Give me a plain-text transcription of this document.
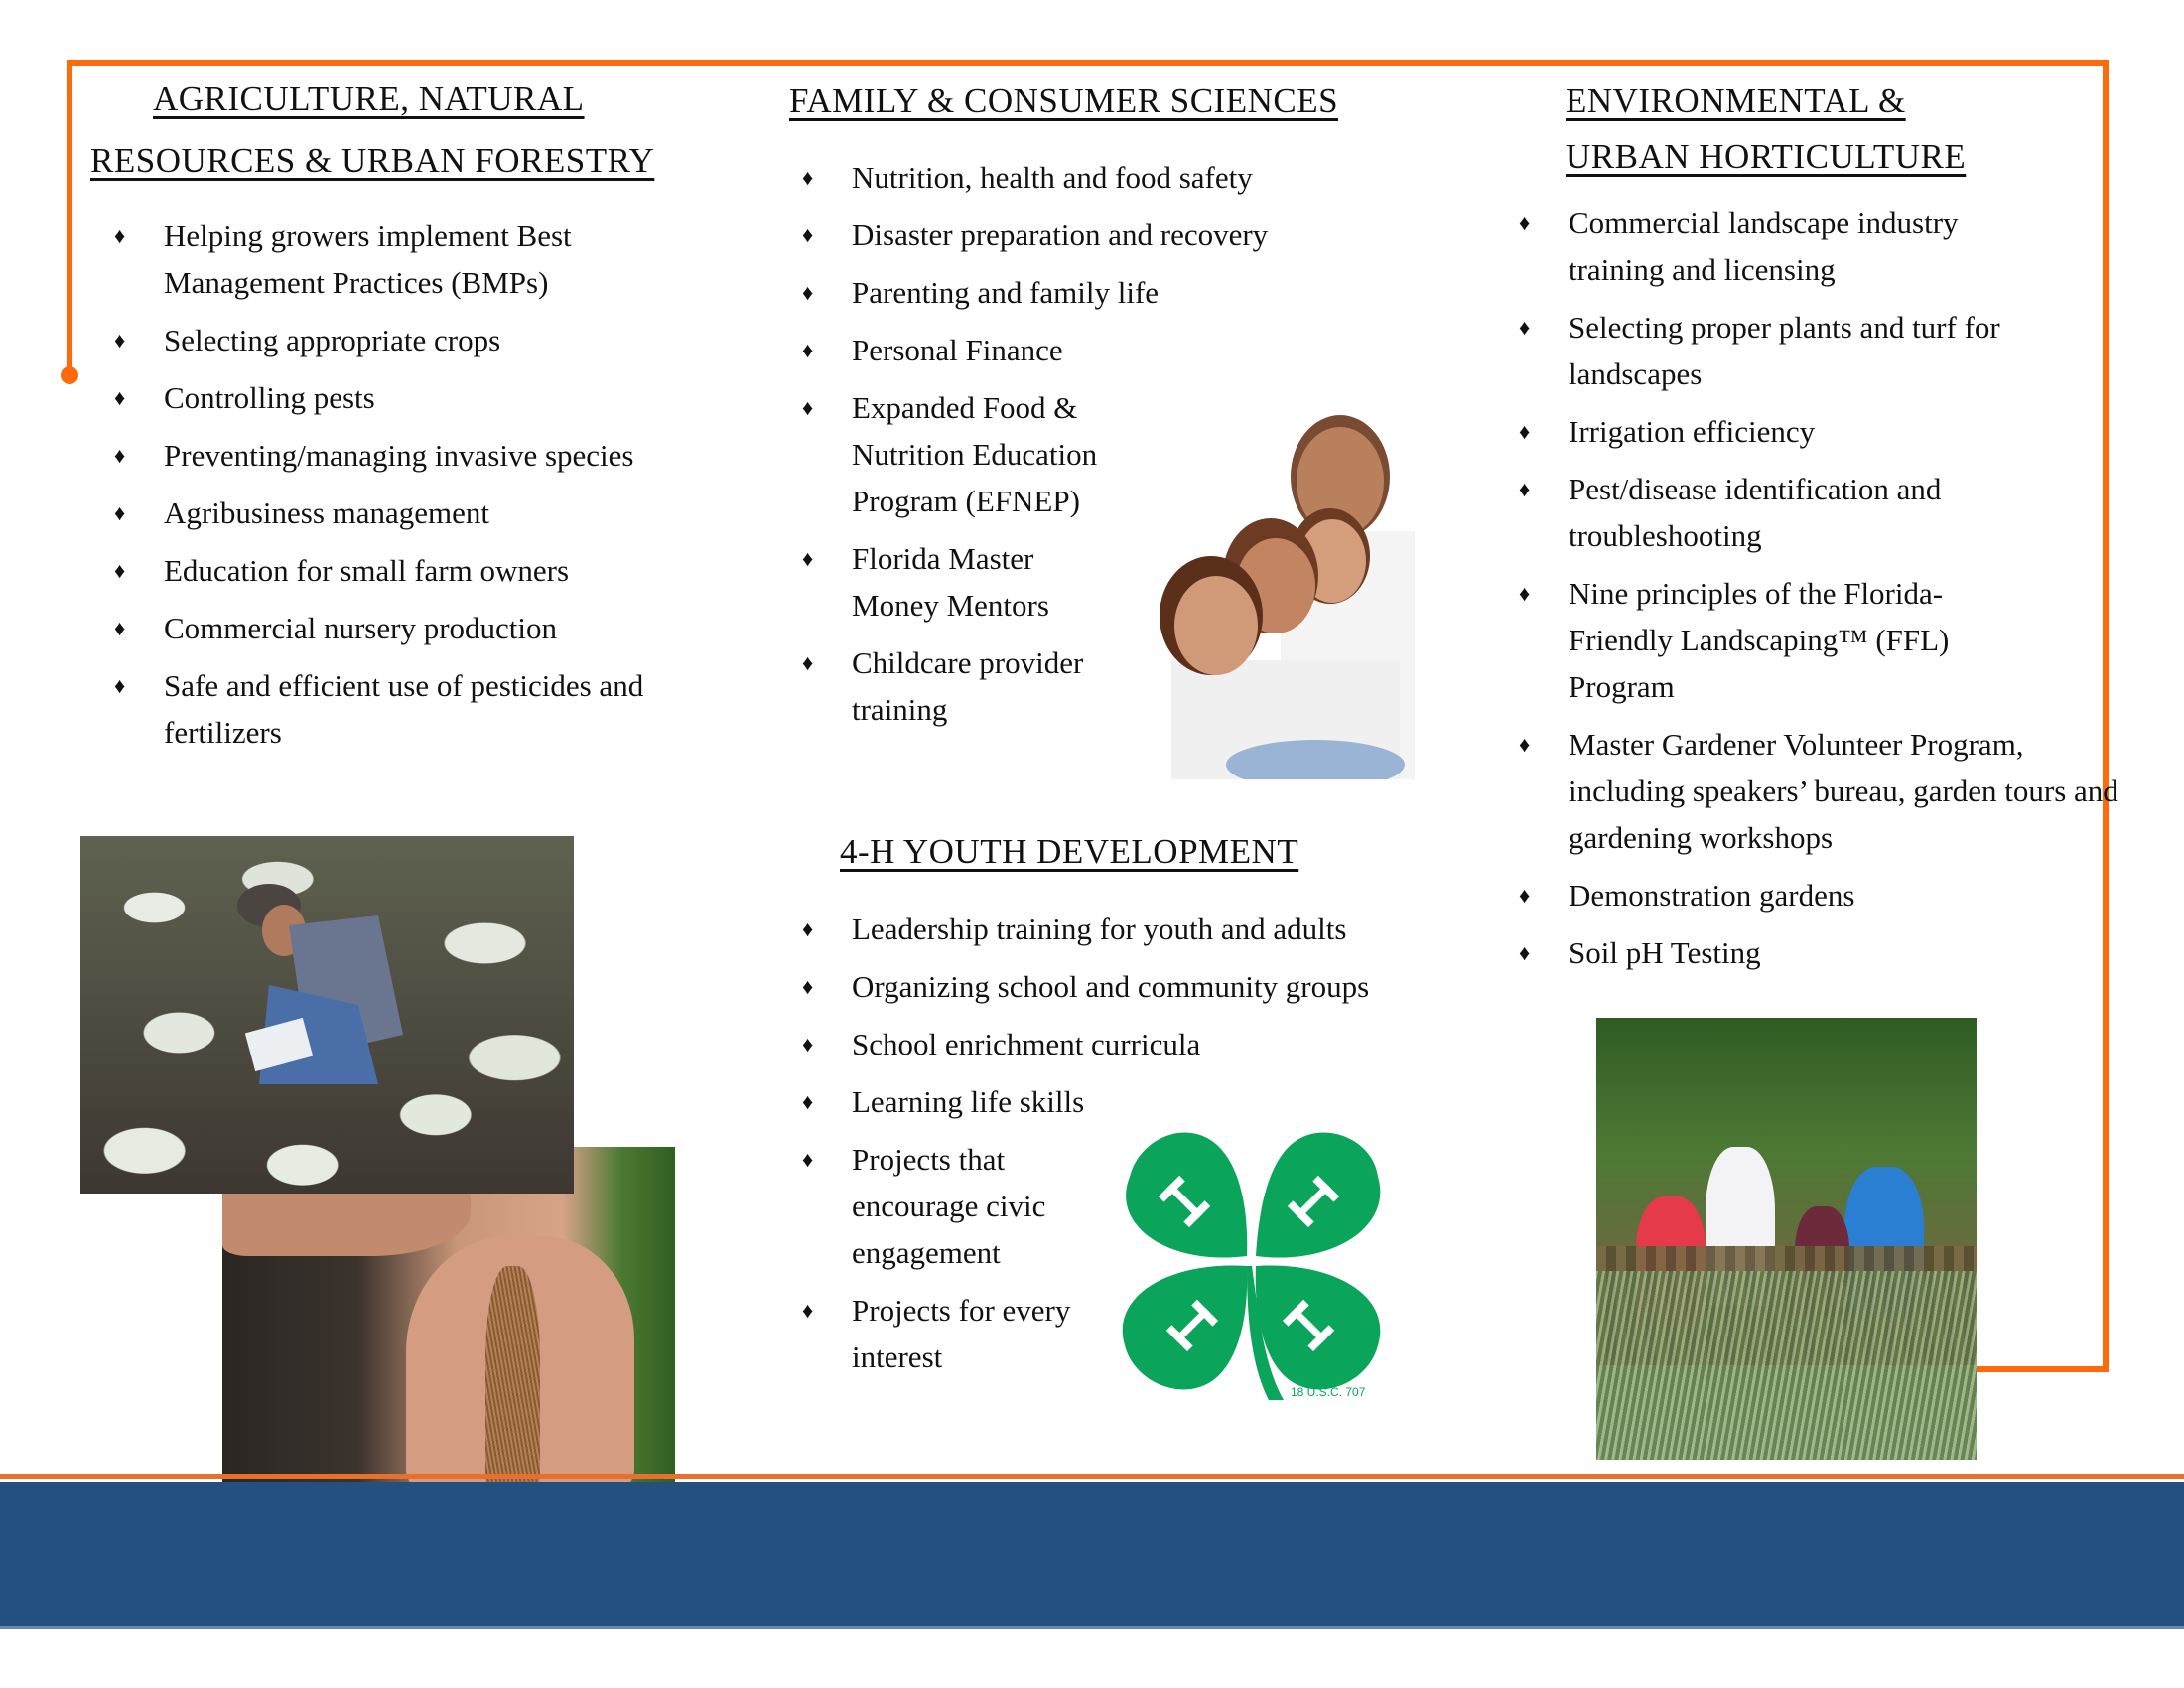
AGRICULTURE, NATURAL
RESOURCES & URBAN FORESTRY
♦ Helping growers implement Best Management Practices (BMPs)
♦ Selecting appropriate crops
♦ Controlling pests
♦ Preventing/managing invasive species
♦ Agribusiness management
♦ Education for small farm owners
♦ Commercial nursery production
♦ Safe and efficient use of pesticides and fertilizers
FAMILY & CONSUMER SCIENCES
♦ Nutrition, health and food safety
♦ Disaster preparation and recovery
♦ Parenting and family life
♦ Personal Finance
♦ Expanded Food & Nutrition Education Program (EFNEP)
♦ Florida Master Money Mentors
♦ Childcare provider training
4-H YOUTH DEVELOPMENT
♦ Leadership training for youth and adults
♦ Organizing school and community groups
♦ School enrichment curricula
♦ Learning life skills
♦ Projects that encourage civic engagement
♦ Projects for every interest
18 U.S.C. 707
ENVIRONMENTAL &
URBAN HORTICULTURE
♦ Commercial landscape industry training and licensing
♦ Selecting proper plants and turf for landscapes
♦ Irrigation efficiency
♦ Pest/disease identification and troubleshooting
♦ Nine principles of the Florida-Friendly Landscaping™ (FFL) Program
♦ Master Gardener Volunteer Program, including speakers’ bureau, garden tours and gardening workshops
♦ Demonstration gardens
♦ Soil pH Testing
